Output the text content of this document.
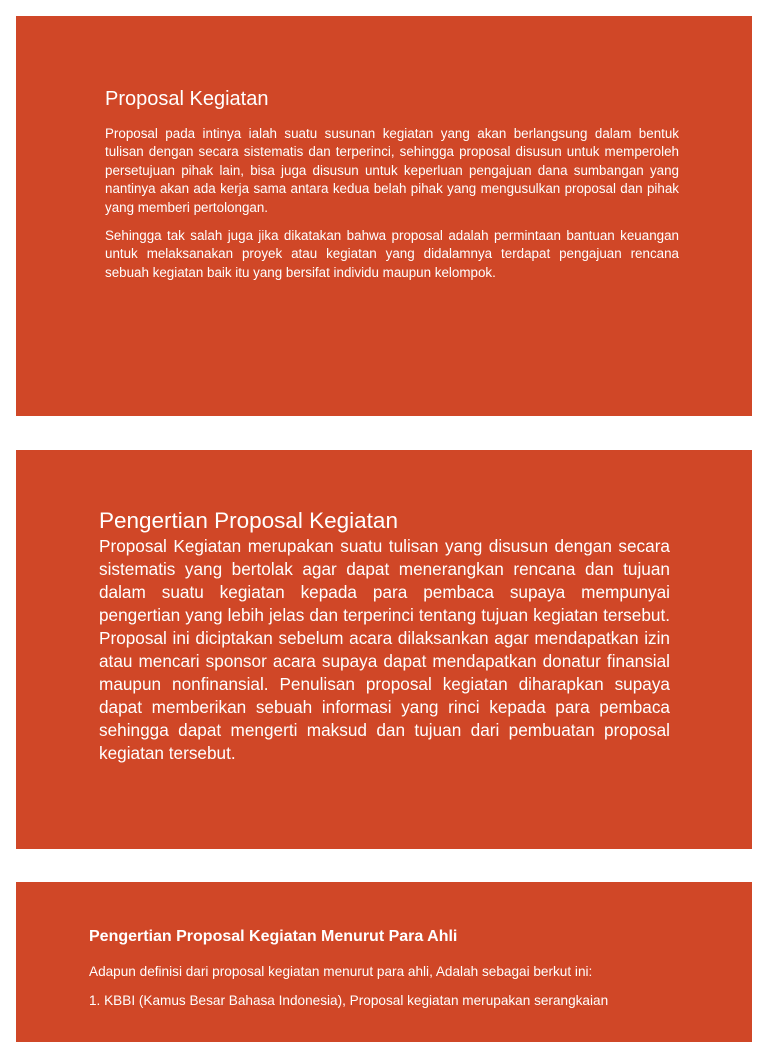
Proposal Kegiatan

Proposal pada intinya ialah suatu susunan kegiatan yang akan berlangsung dalam bentuk tulisan dengan secara sistematis dan terperinci, sehingga proposal disusun untuk memperoleh persetujuan pihak lain, bisa juga disusun untuk keperluan pengajuan dana sumbangan yang nantinya akan ada kerja sama antara kedua belah pihak yang mengusulkan proposal dan pihak yang memberi pertolongan.

Sehingga tak salah juga jika dikatakan bahwa proposal adalah permintaan bantuan keuangan untuk melaksanakan proyek atau kegiatan yang didalamnya terdapat pengajuan rencana sebuah kegiatan baik itu yang bersifat individu maupun kelompok.

Pengertian Proposal Kegiatan

Proposal Kegiatan merupakan suatu tulisan yang disusun dengan secara sistematis yang bertolak agar dapat menerangkan rencana dan tujuan dalam suatu kegiatan kepada para pembaca supaya mempunyai pengertian yang lebih jelas dan terperinci tentang tujuan kegiatan tersebut. Proposal ini diciptakan sebelum acara dilaksankan agar mendapatkan izin atau mencari sponsor acara supaya dapat mendapatkan donatur finansial maupun nonfinansial. Penulisan proposal kegiatan diharapkan supaya dapat memberikan sebuah informasi yang rinci kepada para pembaca sehingga dapat mengerti maksud dan tujuan dari pembuatan proposal kegiatan tersebut.

Pengertian Proposal Kegiatan Menurut Para Ahli

Adapun definisi dari proposal kegiatan menurut para ahli, Adalah sebagai berkut ini:

1. KBBI (Kamus Besar Bahasa Indonesia), Proposal kegiatan merupakan serangkaian
